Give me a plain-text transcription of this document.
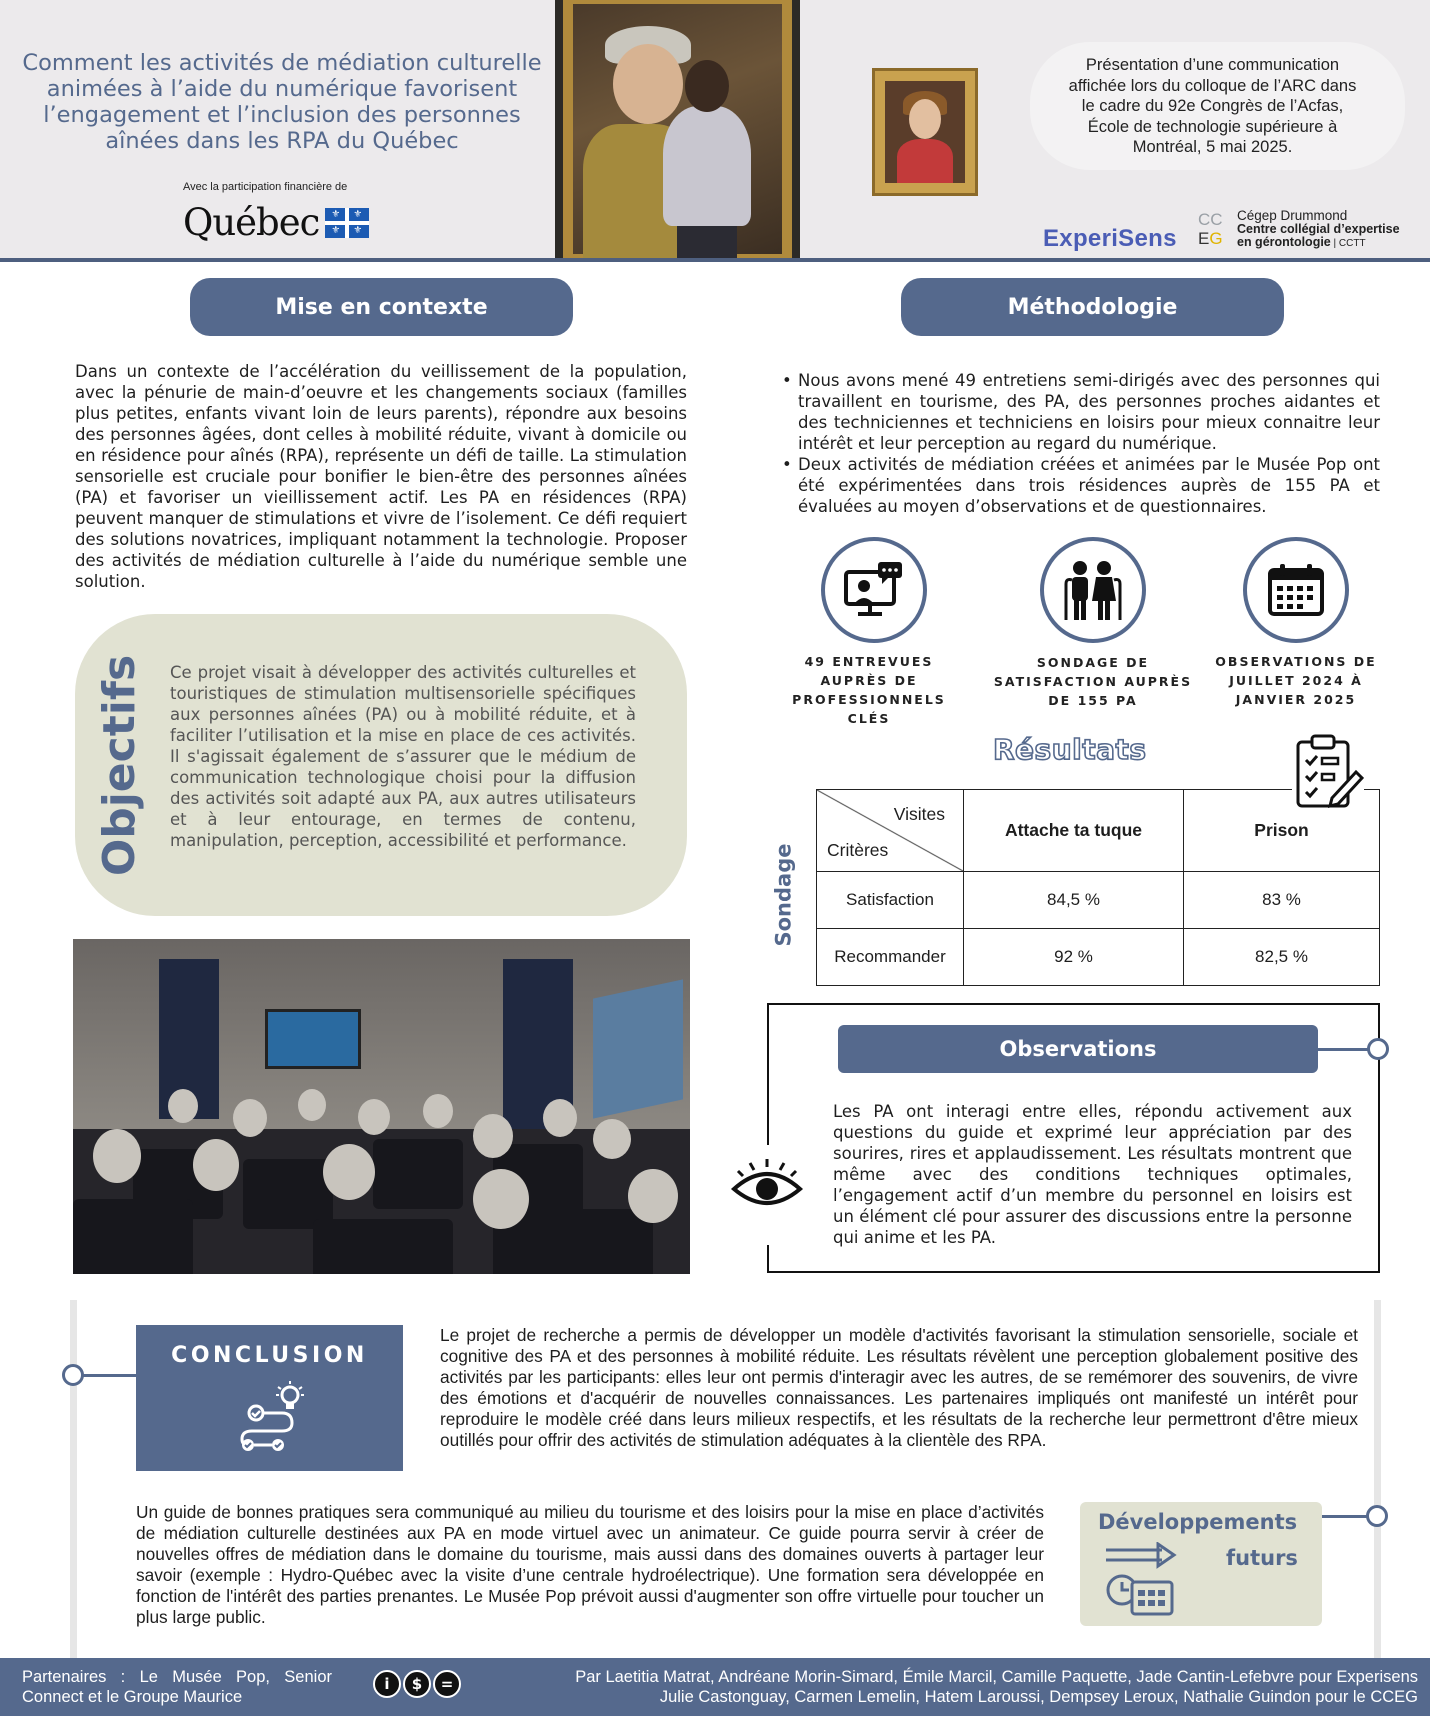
Comment les activités de médiation culturelle animées à l’aide du numérique favorisent l’engagement et l’inclusion des personnes aînées dans les RPA du Québec
Avec la participation financière de
Québec ⚜ ⚜
⚜ ⚜
Présentation d’une communication affichée lors du colloque de l’ARC dans le cadre du 92e Congrès de l’Acfas, École de technologie supérieure à Montréal, 5 mai 2025.
ExperiSens
CC
EG
Cégep Drummond
Centre collégial d’expertise
en gérontologie | CCTT
Mise en contexte
Dans un contexte de l’accélération du veillissement de la population, avec la pénurie de main-d’oeuvre et les changements sociaux (familles plus petites, enfants vivant loin de leurs parents), répondre aux besoins des personnes âgées, dont celles à mobilité réduite, vivant à domicile ou en résidence pour aînés (RPA), représente un défi de taille. La stimulation sensorielle est cruciale pour bonifier le bien-être des personnes aînées (PA) et favoriser un vieillissement actif. Les PA en résidences (RPA) peuvent manquer de stimulations et vivre de l’isolement. Ce défi requiert des solutions novatrices, impliquant notamment la technologie. Proposer des activités de médiation culturelle à l’aide du numérique semble une solution.
Objectifs Ce projet visait à développer des activités culturelles et touristiques de stimulation multisensorielle spécifiques aux personnes aînées (PA) ou à mobilité réduite, et à faciliter l’utilisation et la mise en place de ces activités. Il s'agissait également de s’assurer que le médium de communication technologique choisi pour la diffusion des activités soit adapté aux PA, aux autres utilisateurs et à leur entourage, en termes de contenu, manipulation, perception, accessibilité et performance.
Méthodologie
• Nous avons mené 49 entretiens semi-dirigés avec des personnes qui travaillent en tourisme, des PA, des personnes proches aidantes et des techniciennes et techniciens en loisirs pour mieux connaitre leur intérêt et leur perception au regard du numérique.
• Deux activités de médiation créées et animées par le Musée Pop ont été expérimentées dans trois résidences auprès de 155 PA et évaluées au moyen d’observations et de questionnaires.
49 ENTREVUES AUPRÈS DE PROFESSIONNELS CLÉS
SONDAGE DE SATISFACTION AUPRÈS DE 155 PA
OBSERVATIONS DE JUILLET 2024 À JANVIER 2025
Résultats
Sondage
Visites
Critères	Attache ta tuque	Prison
Satisfaction	84,5 %	83 %
Recommander	92 %	82,5 %
Observations
Les PA ont interagi entre elles, répondu activement aux questions du guide et exprimé leur appréciation par des sourires, rires et applaudissement. Les résultats montrent que même avec des conditions techniques optimales, l’engagement actif d’un membre du personnel en loisirs est un élément clé pour assurer des discussions entre la personne qui anime et les PA.
CONCLUSION
Le projet de recherche a permis de développer un modèle d'activités favorisant la stimulation sensorielle, sociale et cognitive des PA et des personnes à mobilité réduite. Les résultats révèlent une perception globalement positive des activités par les participants: elles leur ont permis d'interagir avec les autres, de se remémorer des souvenirs, de vivre des émotions et d'acquérir de nouvelles connaissances. Les partenaires impliqués ont manifesté un intérêt pour reproduire le modèle créé dans leurs milieux respectifs, et les résultats de la recherche leur permettront d'être mieux outillés pour offrir des activités de stimulation adéquates à la clientèle des RPA.
Un guide de bonnes pratiques sera communiqué au milieu du tourisme et des loisirs pour la mise en place d’activités de médiation culturelle destinées aux PA en mode virtuel avec un animateur. Ce guide pourra servir à créer de nouvelles offres de médiation dans le domaine du tourisme, mais aussi dans des domaines ouverts à partager leur savoir (exemple : Hydro-Québec avec la visite d’une centrale hydroélectrique). Une formation sera développée en fonction de l'intérêt des parties prenantes. Le Musée Pop prévoit aussi d'augmenter son offre virtuelle pour toucher un plus large public.
Développements
futurs
Partenaires : Le Musée Pop, Senior Connect et le Groupe Maurice
i	$	=	Par Laetitia Matrat, Andréane Morin-Simard, Émile Marcil, Camille Paquette, Jade Cantin-Lefebvre pour Experisens
Julie Castonguay, Carmen Lemelin, Hatem Laroussi, Dempsey Leroux, Nathalie Guindon pour le CCEG
